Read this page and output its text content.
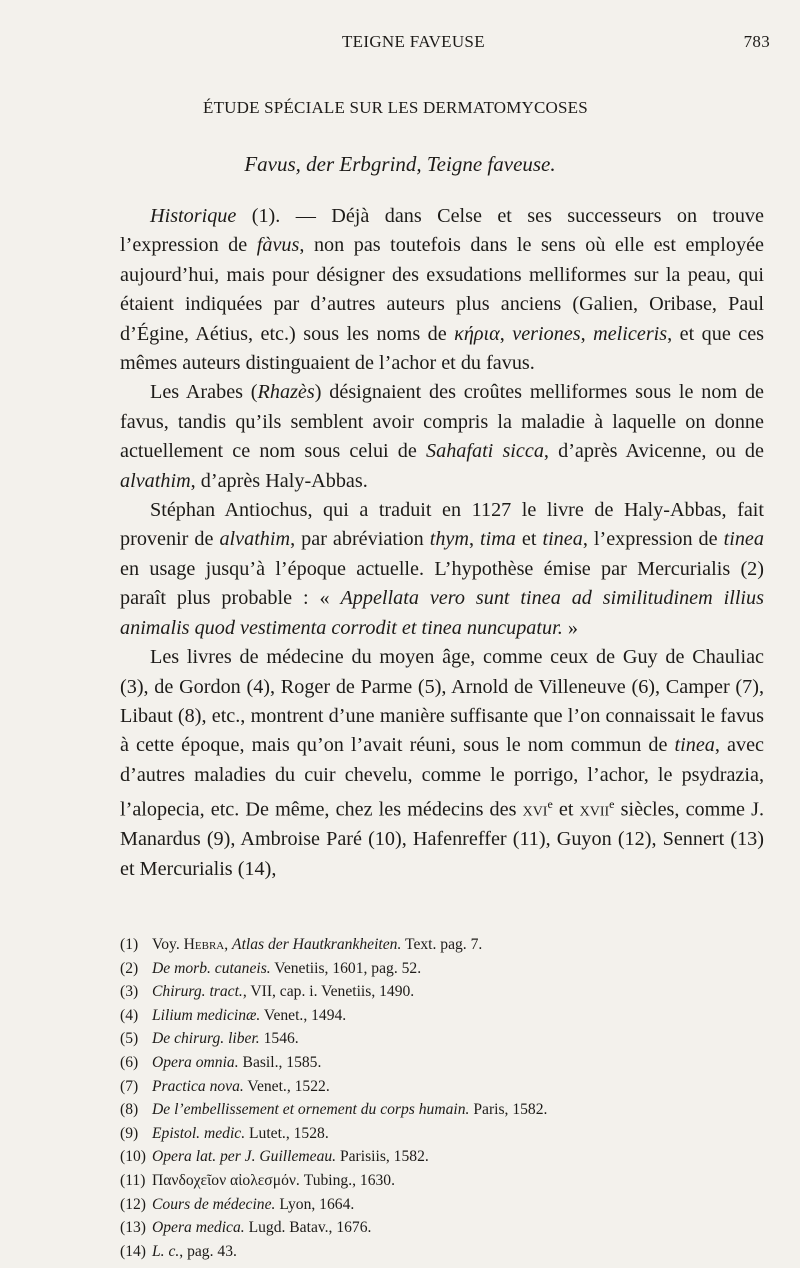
TEIGNE FAVEUSE	783
ÉTUDE SPÉCIALE SUR LES DERMATOMYCOSES
Favus, der Erbgrind, Teigne faveuse.

Historique (1). — Déjà dans Celse et ses successeurs on trouve l’expression de fàvus, non pas toutefois dans le sens où elle est employée aujourd’hui, mais pour désigner des exsudations melliformes sur la peau, qui étaient indiquées par d’autres auteurs plus anciens (Galien, Oribase, Paul d’Égine, Aétius, etc.) sous les noms de κήρια, veriones, meliceris, et que ces mêmes auteurs distinguaient de l’achor et du favus.

Les Arabes (Rhazès) désignaient des croûtes melliformes sous le nom de favus, tandis qu’ils semblent avoir compris la maladie à laquelle on donne actuellement ce nom sous celui de Sahafati sicca, d’après Avicenne, ou de alvathim, d’après Haly-Abbas.

Stéphan Antiochus, qui a traduit en 1127 le livre de Haly-Abbas, fait provenir de alvathim, par abréviation thym, tima et tinea, l’expression de tinea en usage jusqu’à l’époque actuelle. L’hypothèse émise par Mercurialis (2) paraît plus probable : « Appellata vero sunt tinea ad similitudinem illius animalis quod vestimenta corrodit et tinea nuncupatur. »

Les livres de médecine du moyen âge, comme ceux de Guy de Chauliac (3), de Gordon (4), Roger de Parme (5), Arnold de Villeneuve (6), Camper (7), Libaut (8), etc., montrent d’une manière suffisante que l’on connaissait le favus à cette époque, mais qu’on l’avait réuni, sous le nom commun de tinea, avec d’autres maladies du cuir chevelu, comme le porrigo, l’achor, le psydrazia, l’alopecia, etc. De même, chez les médecins des xvi$^e$ et xvii$^e$ siècles, comme J. Manardus (9), Ambroise Paré (10), Hafenreffer (11), Guyon (12), Sennert (13) et Mercurialis (14),

(1) Voy. Hebra, Atlas der Hautkrankheiten. Text. pag. 7.
(2) De morb. cutaneis. Venetiis, 1601, pag. 52.
(3) Chirurg. tract., VII, cap. i. Venetiis, 1490.
(4) Lilium medicinæ. Venet., 1494.
(5) De chirurg. liber. 1546.
(6) Opera omnia. Basil., 1585.
(7) Practica nova. Venet., 1522.
(8) De l’embellissement et ornement du corps humain. Paris, 1582.
(9) Epistol. medic. Lutet., 1528.
(10) Opera lat. per J. Guillemeau. Parisiis, 1582.
(11) Πανδοχεῖον αἰολεσμόν. Tubing., 1630.
(12) Cours de médecine. Lyon, 1664.
(13) Opera medica. Lugd. Batav., 1676.
(14) L. c., pag. 43.
